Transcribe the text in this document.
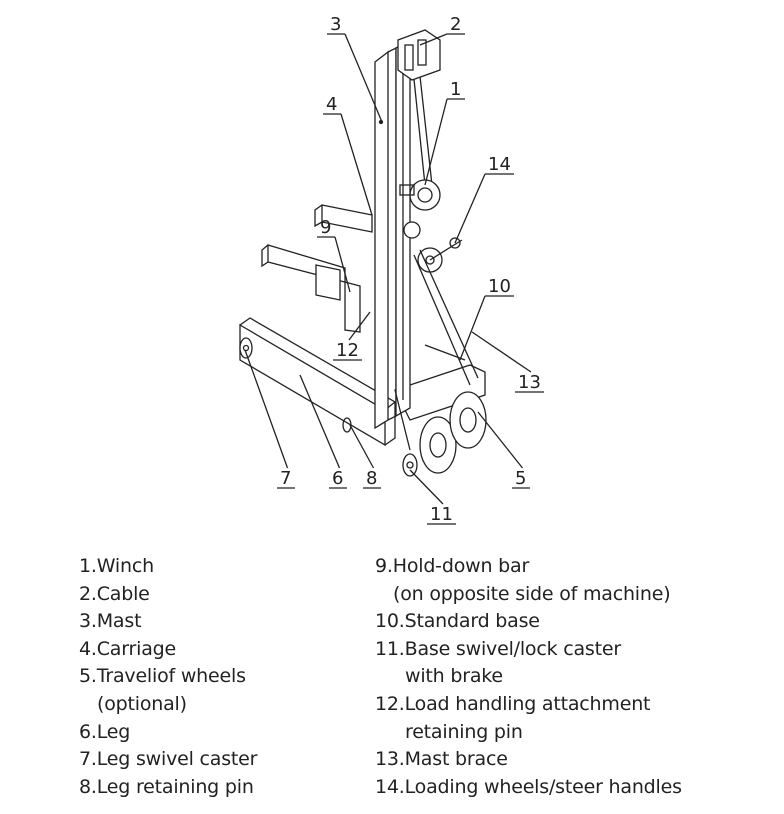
1
2
3
4
5
6
7	8
9
10
11
12
13
14
1.Winch
2.Cable
3.Mast
4.Carriage
5.Traveliof wheels
(optional)
6.Leg
7.Leg swivel caster
8.Leg retaining pin
9.Hold-down bar
(on opposite side of machine)
10.Standard base
11.Base swivel/lock caster
with brake
12.Load handling attachment
retaining pin
13.Mast brace
14.Loading wheels/steer handles
